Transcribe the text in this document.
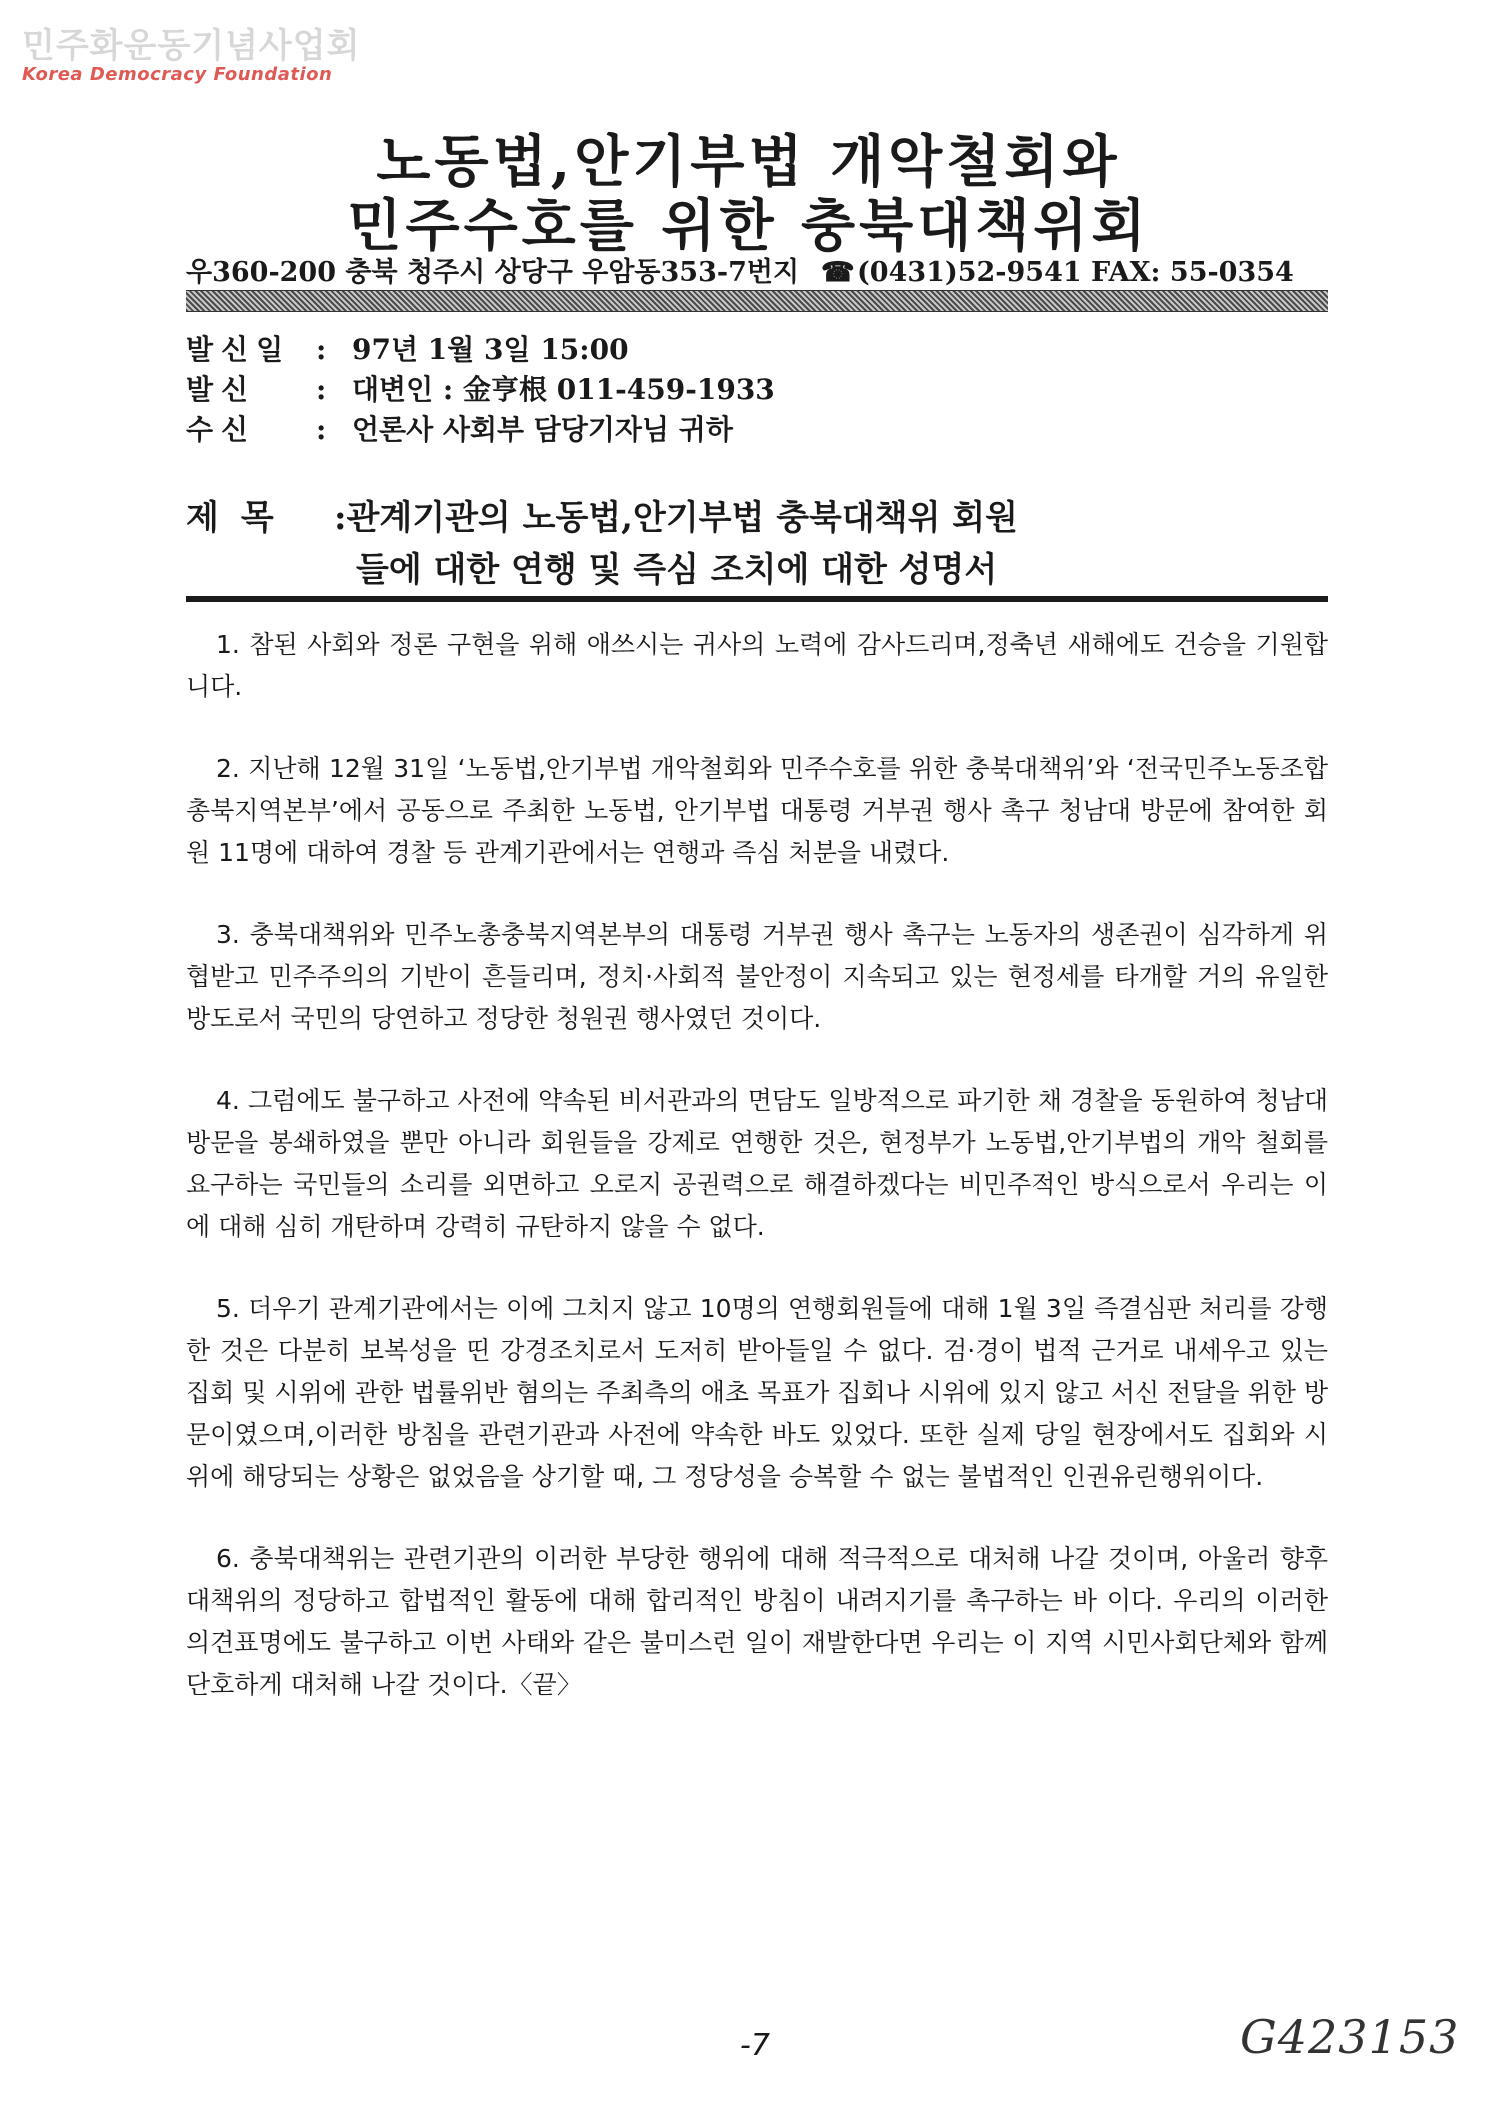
민주화운동기념사업회
Korea Democracy Foundation
노동법,안기부법 개악철회와
민주수호를 위한 충북대책위회
우360-200 충북 청주시 상당구 우암동353-7번지 ☎(0431)52-9541 FAX: 55-0354
발신일 : 97년 1월 3일 15:00
발신 : 대변인 : 金亨根 011-459-1933
수신 : 언론사 사회부 담당기자님 귀하
제목 :관계기관의 노동법,안기부법 충북대책위 회원
들에 대한 연행 및 즉심 조치에 대한 성명서

1. 참된 사회와 정론 구현을 위해 애쓰시는 귀사의 노력에 감사드리며,정축년 새해에도 건승을 기원합니다.

2. 지난해 12월 31일 ‘노동법,안기부법 개악철회와 민주수호를 위한 충북대책위’와 ‘전국민주노동조합총북지역본부’에서 공동으로 주최한 노동법, 안기부법 대통령 거부권 행사 촉구 청남대 방문에 참여한 회원 11명에 대하여 경찰 등 관계기관에서는 연행과 즉심 처분을 내렸다.

3. 충북대책위와 민주노총충북지역본부의 대통령 거부권 행사 촉구는 노동자의 생존권이 심각하게 위협받고 민주주의의 기반이 흔들리며, 정치·사회적 불안정이 지속되고 있는 현정세를 타개할 거의 유일한 방도로서 국민의 당연하고 정당한 청원권 행사였던 것이다.

4. 그럼에도 불구하고 사전에 약속된 비서관과의 면담도 일방적으로 파기한 채 경찰을 동원하여 청남대 방문을 봉쇄하였을 뿐만 아니라 회원들을 강제로 연행한 것은, 현정부가 노동법,안기부법의 개악 철회를 요구하는 국민들의 소리를 외면하고 오로지 공권력으로 해결하겠다는 비민주적인 방식으로서 우리는 이에 대해 심히 개탄하며 강력히 규탄하지 않을 수 없다.

5. 더우기 관계기관에서는 이에 그치지 않고 10명의 연행회원들에 대해 1월 3일 즉결심판 처리를 강행한 것은 다분히 보복성을 띤 강경조치로서 도저히 받아들일 수 없다. 검·경이 법적 근거로 내세우고 있는 집회 및 시위에 관한 법률위반 혐의는 주최측의 애초 목표가 집회나 시위에 있지 않고 서신 전달을 위한 방문이였으며,이러한 방침을 관련기관과 사전에 약속한 바도 있었다. 또한 실제 당일 현장에서도 집회와 시위에 해당되는 상황은 없었음을 상기할 때, 그 정당성을 승복할 수 없는 불법적인 인권유린행위이다.

6. 충북대책위는 관련기관의 이러한 부당한 행위에 대해 적극적으로 대처해 나갈 것이며, 아울러 향후 대책위의 정당하고 합법적인 활동에 대해 합리적인 방침이 내려지기를 촉구하는 바 이다. 우리의 이러한 의견표명에도 불구하고 이번 사태와 같은 불미스런 일이 재발한다면 우리는 이 지역 시민사회단체와 함께 단호하게 대처해 나갈 것이다.〈끝〉

-7	G423153
